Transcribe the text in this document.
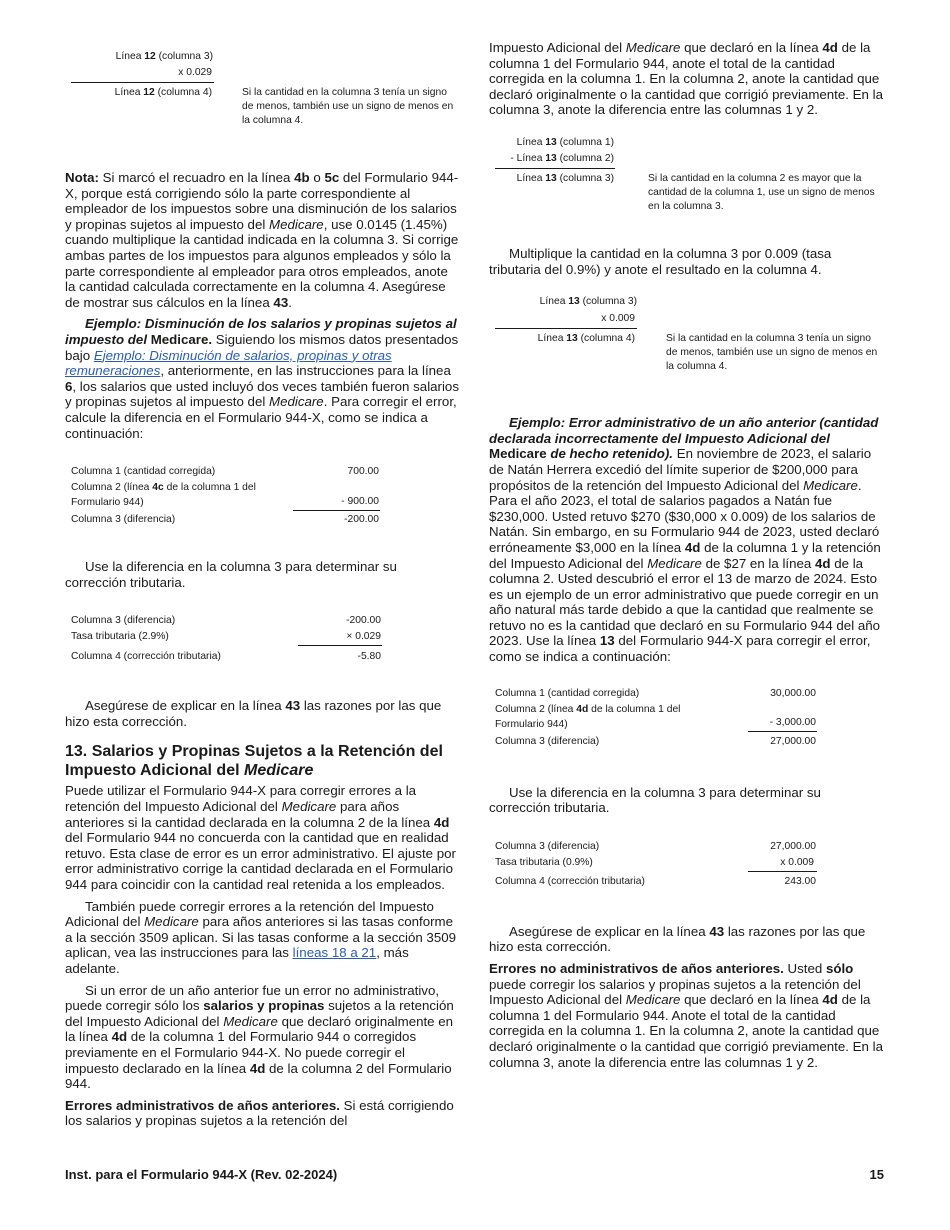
Línea 12 (columna 3)
x 0.029
Línea 12 (columna 4)	Si la cantidad en la columna 3 tenía un signo de menos, también use un signo de menos en la columna 4.

Nota: Si marcó el recuadro en la línea 4b o 5c del Formulario 944-X, porque está corrigiendo sólo la parte correspondiente al empleador de los impuestos sobre una disminución de los salarios y propinas sujetos al impuesto del Medicare, use 0.0145 (1.45%) cuando multiplique la cantidad indicada en la columna 3. Si corrige ambas partes de los impuestos para algunos empleados y sólo la parte correspondiente al empleador para otros empleados, anote la cantidad calculada correctamente en la columna 4. Asegúrese de mostrar sus cálculos en la línea 43.

Ejemplo: Disminución de los salarios y propinas sujetos al impuesto del Medicare. Siguiendo los mismos datos presentados bajo Ejemplo: Disminución de salarios, propinas y otras remuneraciones, anteriormente, en las instrucciones para la línea 6, los salarios que usted incluyó dos veces también fueron salarios y propinas sujetos al impuesto del Medicare. Para corregir el error, calcule la diferencia en el Formulario 944-X, como se indica a continuación:

Columna 1 (cantidad corregida)	700.00
Columna 2 (línea 4c de la columna 1 del
Formulario 944)	- 900.00
Columna 3 (diferencia)	-200.00

Use la diferencia en la columna 3 para determinar su corrección tributaria.

Columna 3 (diferencia)	-200.00
Tasa tributaria (2.9%)	× 0.029
Columna 4 (corrección tributaria)	-5.80

Asegúrese de explicar en la línea 43 las razones por las que hizo esta corrección.

13. Salarios y Propinas Sujetos a la Retención del Impuesto Adicional del Medicare

Puede utilizar el Formulario 944-X para corregir errores a la retención del Impuesto Adicional del Medicare para años anteriores si la cantidad declarada en la columna 2 de la línea 4d del Formulario 944 no concuerda con la cantidad que en realidad retuvo. Esta clase de error es un error administrativo. El ajuste por error administrativo corrige la cantidad declarada en el Formulario 944 para coincidir con la cantidad real retenida a los empleados.

También puede corregir errores a la retención del Impuesto Adicional del Medicare para años anteriores si las tasas conforme a la sección 3509 aplican. Si las tasas conforme a la sección 3509 aplican, vea las instrucciones para las líneas 18 a 21, más adelante.

Si un error de un año anterior fue un error no administrativo, puede corregir sólo los salarios y propinas sujetos a la retención del Impuesto Adicional del Medicare que declaró originalmente en la línea 4d de la columna 1 del Formulario 944 o corregidos previamente en el Formulario 944-X. No puede corregir el impuesto declarado en la línea 4d de la columna 2 del Formulario 944.

Errores administrativos de años anteriores. Si está corrigiendo los salarios y propinas sujetos a la retención del

Impuesto Adicional del Medicare que declaró en la línea 4d de la columna 1 del Formulario 944, anote el total de la cantidad corregida en la columna 1. En la columna 2, anote la cantidad que declaró originalmente o la cantidad que corrigió previamente. En la columna 3, anote la diferencia entre las columnas 1 y 2.

Línea 13 (columna 1)
- Línea 13 (columna 2)
Línea 13 (columna 3)	Si la cantidad en la columna 2 es mayor que la cantidad de la columna 1, use un signo de menos en la columna 3.

Multiplique la cantidad en la columna 3 por 0.009 (tasa tributaria del 0.9%) y anote el resultado en la columna 4.

Línea 13 (columna 3)
x 0.009
Línea 13 (columna 4)	Si la cantidad en la columna 3 tenía un signo de menos, también use un signo de menos en la columna 4.

Ejemplo: Error administrativo de un año anterior (cantidad declarada incorrectamente del Impuesto Adicional del Medicare de hecho retenido). En noviembre de 2023, el salario de Natán Herrera excedió del límite superior de $200,000 para propósitos de la retención del Impuesto Adicional del Medicare. Para el año 2023, el total de salarios pagados a Natán fue $230,000. Usted retuvo $270 ($30,000 x 0.009) de los salarios de Natán. Sin embargo, en su Formulario 944 de 2023, usted declaró erróneamente $3,000 en la línea 4d de la columna 1 y la retención del Impuesto Adicional del Medicare de $27 en la línea 4d de la columna 2. Usted descubrió el error el 13 de marzo de 2024. Esto es un ejemplo de un error administrativo que puede corregir en un año natural más tarde debido a que la cantidad que realmente se retuvo no es la cantidad que declaró en su Formulario 944 del año 2023. Use la línea 13 del Formulario 944-X para corregir el error, como se indica a continuación:

Columna 1 (cantidad corregida)	30,000.00
Columna 2 (línea 4d de la columna 1 del
Formulario 944)	- 3,000.00
Columna 3 (diferencia)	27,000.00

Use la diferencia en la columna 3 para determinar su corrección tributaria.

Columna 3 (diferencia)	27,000.00
Tasa tributaria (0.9%)	x 0.009
Columna 4 (corrección tributaria)	243.00

Asegúrese de explicar en la línea 43 las razones por las que hizo esta corrección.

Errores no administrativos de años anteriores. Usted sólo puede corregir los salarios y propinas sujetos a la retención del Impuesto Adicional del Medicare que declaró en la línea 4d de la columna 1 del Formulario 944. Anote el total de la cantidad corregida en la columna 1. En la columna 2, anote la cantidad que declaró originalmente o la cantidad que corrigió previamente. En la columna 3, anote la diferencia entre las columnas 1 y 2.

Inst. para el Formulario 944-X (Rev. 02-2024)	15
